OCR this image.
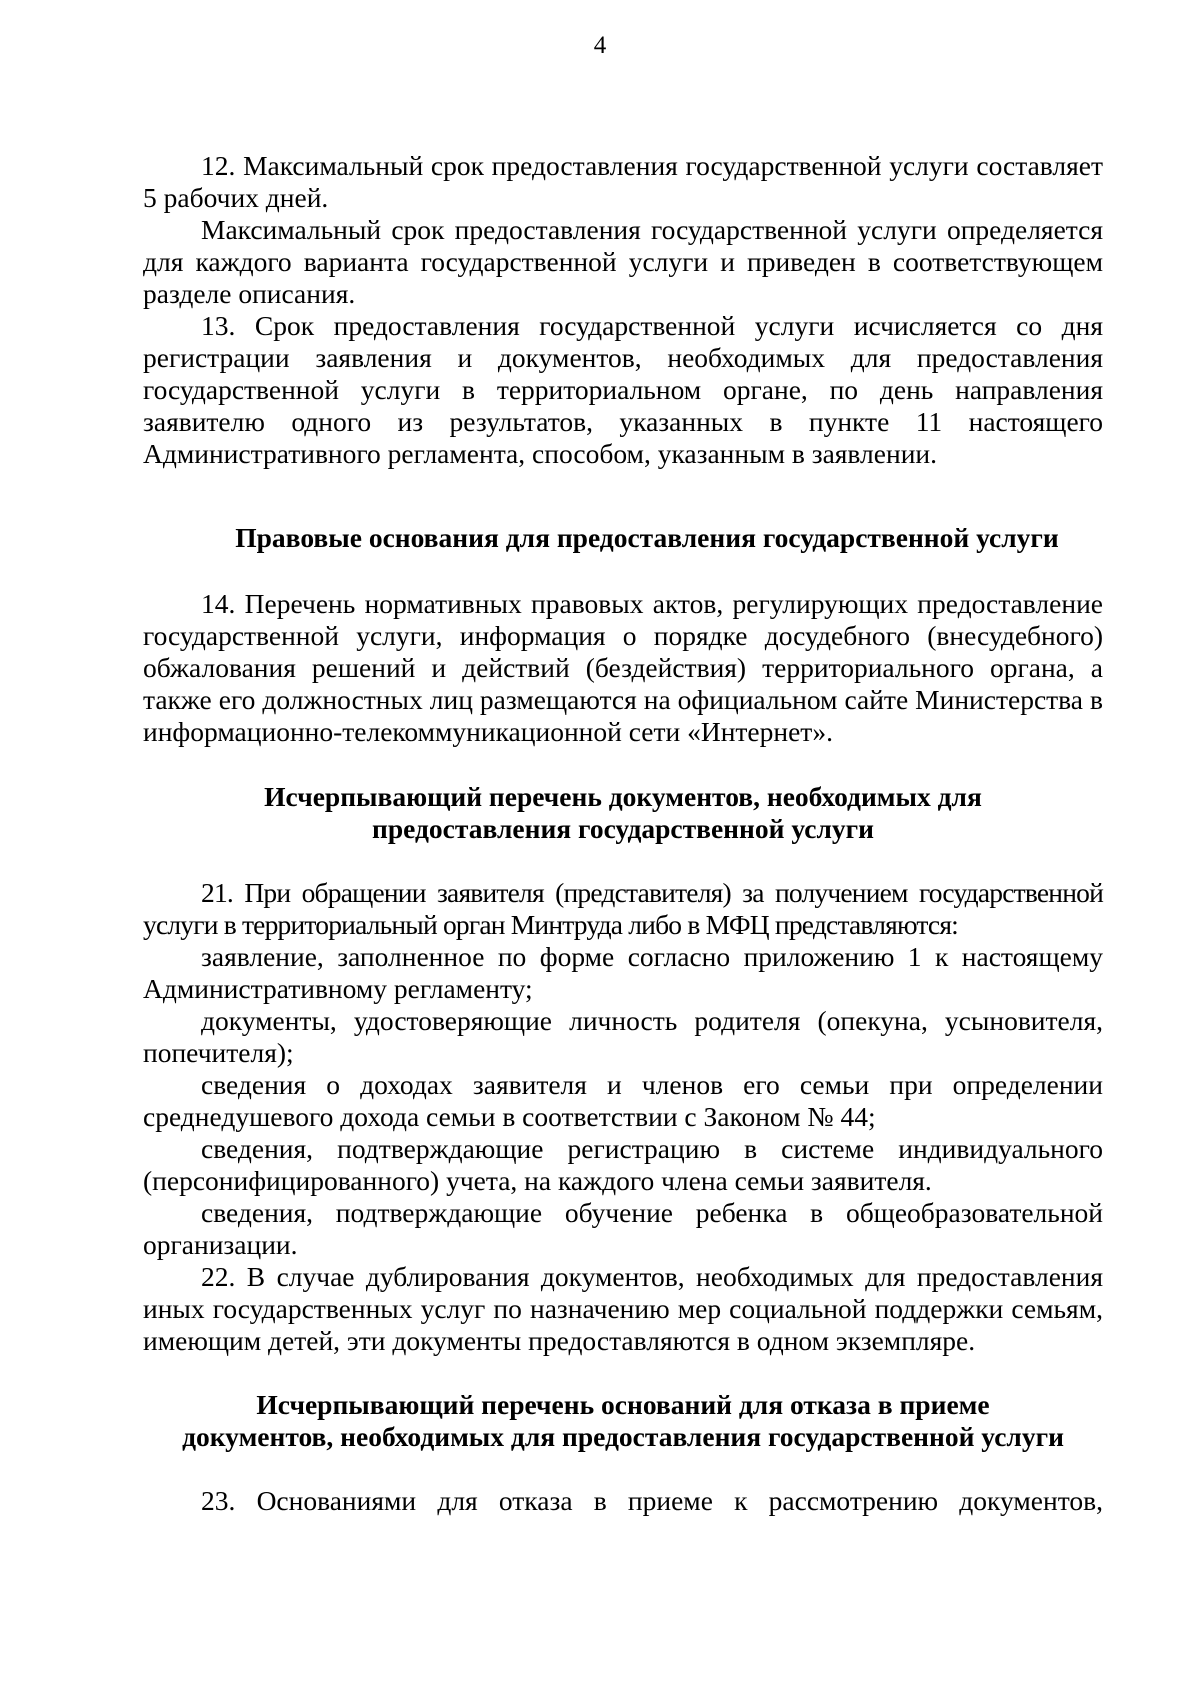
4

12. Максимальный срок предоставления государственной услуги составляет 5 рабочих дней.

Максимальный срок предоставления государственной услуги определяется для каждого варианта государственной услуги и приведен в соответствующем разделе описания.

13. Срок предоставления государственной услуги исчисляется со дня регистрации заявления и документов, необходимых для предоставления государственной услуги в территориальном органе, по день направления заявителю одного из результатов, указанных в пункте 11 настоящего Административного регламента, способом, указанным в заявлении.

Правовые основания для предоставления государственной услуги

14. Перечень нормативных правовых актов, регулирующих предоставление государственной услуги, информация о порядке досудебного (внесудебного) обжалования решений и действий (бездействия) территориального органа, а также его должностных лиц размещаются на официальном сайте Министерства в информационно-телекоммуникационной сети «Интернет».

Исчерпывающий перечень документов, необходимых для
предоставления государственной услуги

21. При обращении заявителя (представителя) за получением государственной услуги в территориальный орган Минтруда либо в МФЦ представляются:

заявление, заполненное по форме согласно приложению 1 к настоящему Административному регламенту;

документы, удостоверяющие личность родителя (опекуна, усыновителя, попечителя);

сведения о доходах заявителя и членов его семьи при определении среднедушевого дохода семьи в соответствии с Законом № 44;

сведения, подтверждающие регистрацию в системе индивидуального (персонифицированного) учета, на каждого члена семьи заявителя.

сведения, подтверждающие обучение ребенка в общеобразовательной организации.

22. В случае дублирования документов, необходимых для предоставления иных государственных услуг по назначению мер социальной поддержки семьям, имеющим детей, эти документы предоставляются в одном экземпляре.

Исчерпывающий перечень оснований для отказа в приеме
документов, необходимых для предоставления государственной услуги

23. Основаниями для отказа в приеме к рассмотрению документов,
